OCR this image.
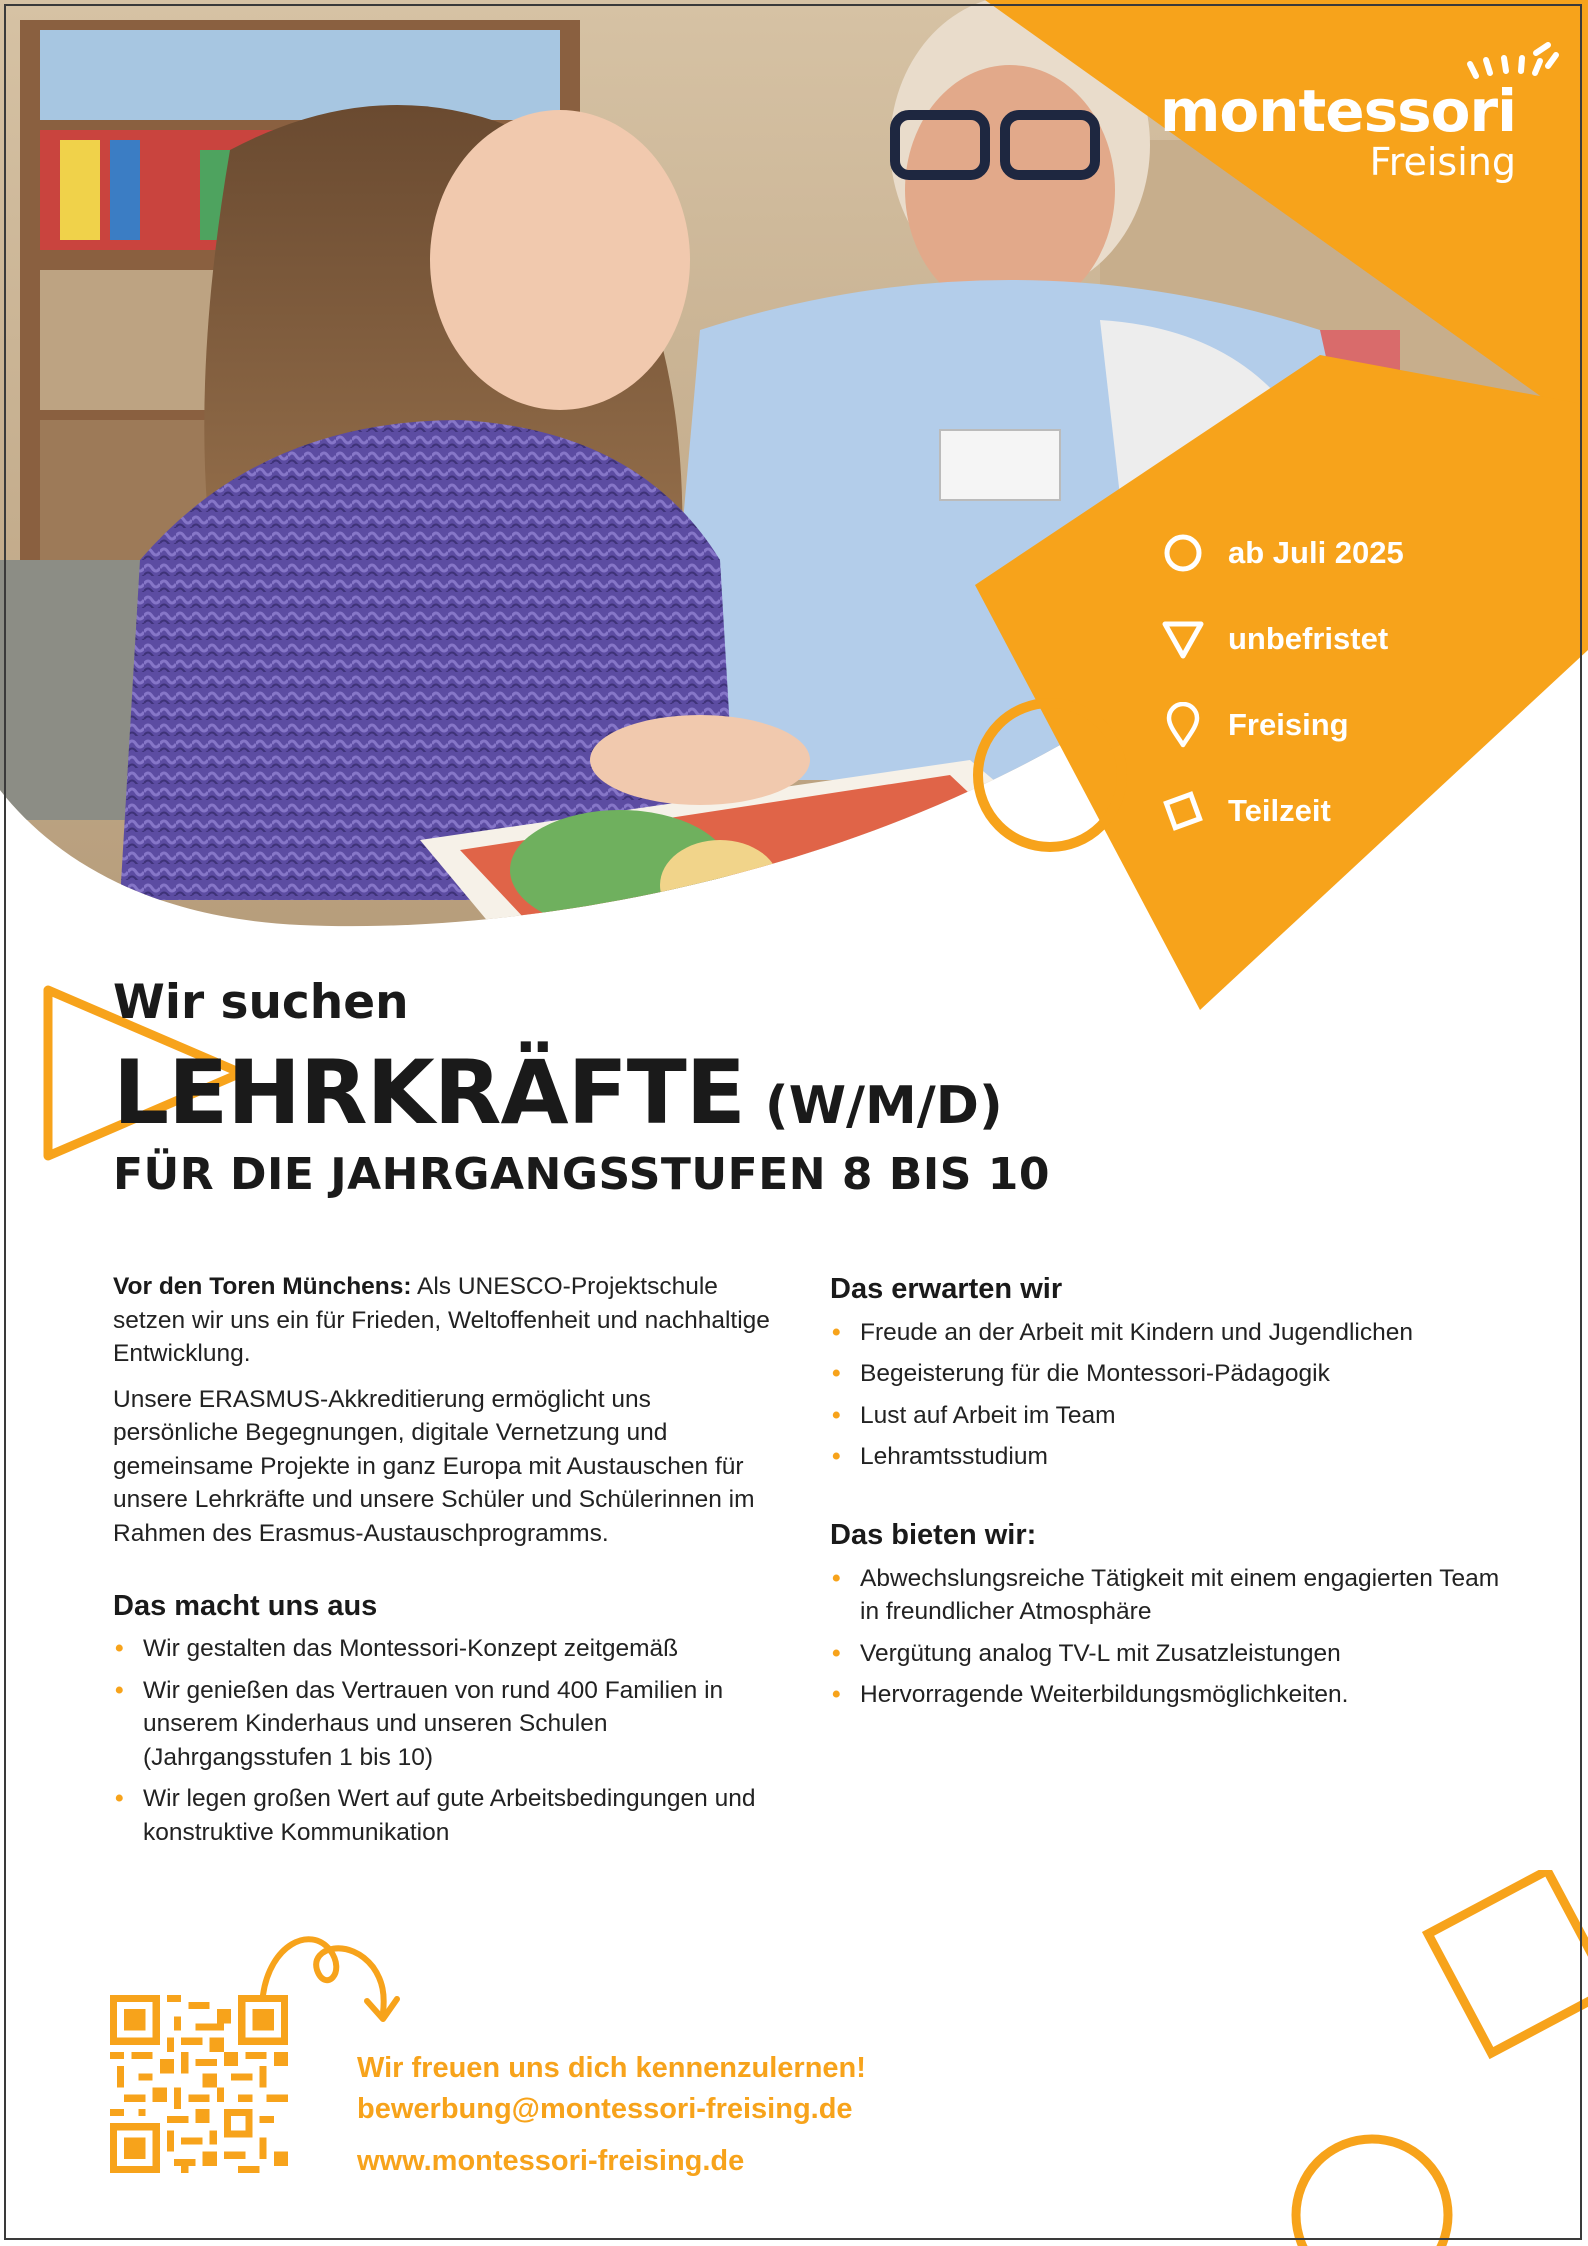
montessori
Freising
ab Juli 2025
unbefristet
Freising
Teilzeit
Wir suchen
LEHRKRÄFTE (W/M/D)
FÜR DIE JAHRGANGSSTUFEN 8 BIS 10

Vor den Toren Münchens: Als UNESCO-Projektschule setzen wir uns ein für Frieden, Weltoffenheit und nachhaltige Entwicklung.

Unsere ERASMUS-Akkreditierung ermöglicht uns persönliche Begegnungen, digitale Vernetzung und gemeinsame Projekte in ganz Europa mit Austauschen für unsere Lehrkräfte und unsere Schüler und Schülerinnen im Rahmen des Erasmus-Austauschprogramms.

Das macht uns aus
• Wir gestalten das Montessori-Konzept zeitgemäß
• Wir genießen das Vertrauen von rund 400 Familien in unserem Kinderhaus und unseren Schulen (Jahrgangsstufen 1 bis 10)
• Wir legen großen Wert auf gute Arbeitsbedingungen und konstruktive Kommunikation
Das erwarten wir
• Freude an der Arbeit mit Kindern und Jugendlichen
• Begeisterung für die Montessori-Pädagogik
• Lust auf Arbeit im Team
• Lehramtsstudium
Das bieten wir:
• Abwechslungsreiche Tätigkeit mit einem engagierten Team in freundlicher Atmosphäre
• Vergütung analog TV-L mit Zusatzleistungen
• Hervorragende Weiterbildungsmöglichkeiten.
Wir freuen uns dich kennenzulernen!
bewerbung@montessori-freising.de
www.montessori-freising.de
